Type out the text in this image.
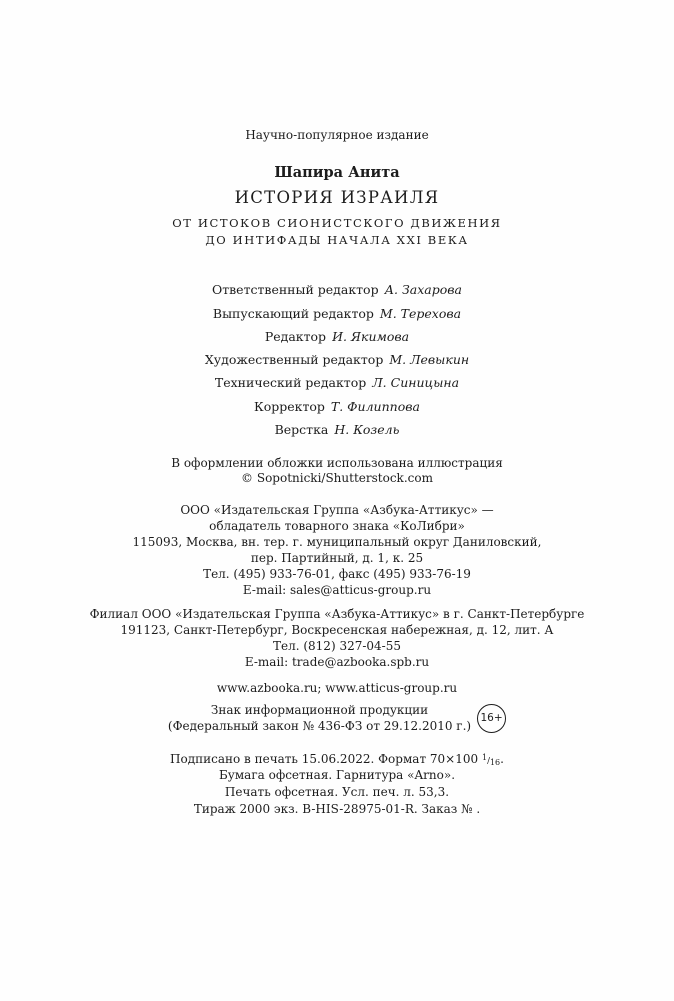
Научно-популярное издание
Шапира Анита
ИСТОРИЯ ИЗРАИЛЯ
ОТ ИСТОКОВ СИОНИСТСКОГО ДВИЖЕНИЯ
ДО ИНТИФАДЫ НАЧАЛА XXI ВЕКА
Ответственный редактор А. Захарова
Выпускающий редактор М. Терехова
Редактор И. Якимова
Художественный редактор М. Левыкин
Технический редактор Л. Синицына
Корректор Т. Филиппова
Верстка Н. Козель
В оформлении обложки использована иллюстрация
© Sopotnicki/Shutterstock.com
ООО «Издательская Группа «Азбука-Аттикус» —
обладатель товарного знака «КоЛибри»
115093, Москва, вн. тер. г. муниципальный округ Даниловский,
пер. Партийный, д. 1, к. 25
Тел. (495) 933-76-01, факс (495) 933-76-19
E-mail: sales@atticus-group.ru
Филиал ООО «Издательская Группа «Азбука-Аттикус» в г. Санкт-Петербурге
191123, Санкт-Петербург, Воскресенская набережная, д. 12, лит. А
Тел. (812) 327-04-55
E-mail: trade@azbooka.spb.ru
www.azbooka.ru; www.atticus-group.ru
Знак информационной продукции
(Федеральный закон № 436-ФЗ от 29.12.2010 г.)
16+
Подписано в печать 15.06.2022. Формат 70×100 $^1/_{16}$.
Бумага офсетная. Гарнитура «Arno».
Печать офсетная. Усл. печ. л. 53,3.
Тираж 2000 экз. B-HIS-28975-01-R. Заказ № .
